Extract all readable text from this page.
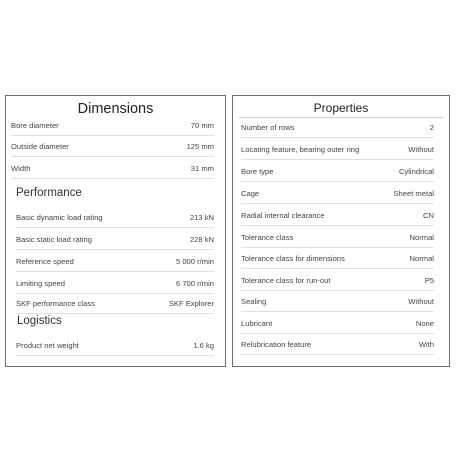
Dimensions
Bore diameter	70 mm
Outside diameter	125 mm
Width	31 mm
Performance
Basic dynamic load rating	213 kN
Basic static load rating	228 kN
Reference speed	5 000 r/min
Limiting speed	6 700 r/min
SKF performance class	SKF Explorer
Logistics
Product net weight	1.6 kg
Properties
Number of rows	2
Locating feature, bearing outer ring	Without
Bore type	Cylindrical
Cage	Sheet metal
Radial internal clearance	CN
Tolerance class	Normal
Tolerance class for dimensions	Normal
Tolerance class for run-out	P5
Sealing	Without
Lubricant	None
Relubrication feature	With
